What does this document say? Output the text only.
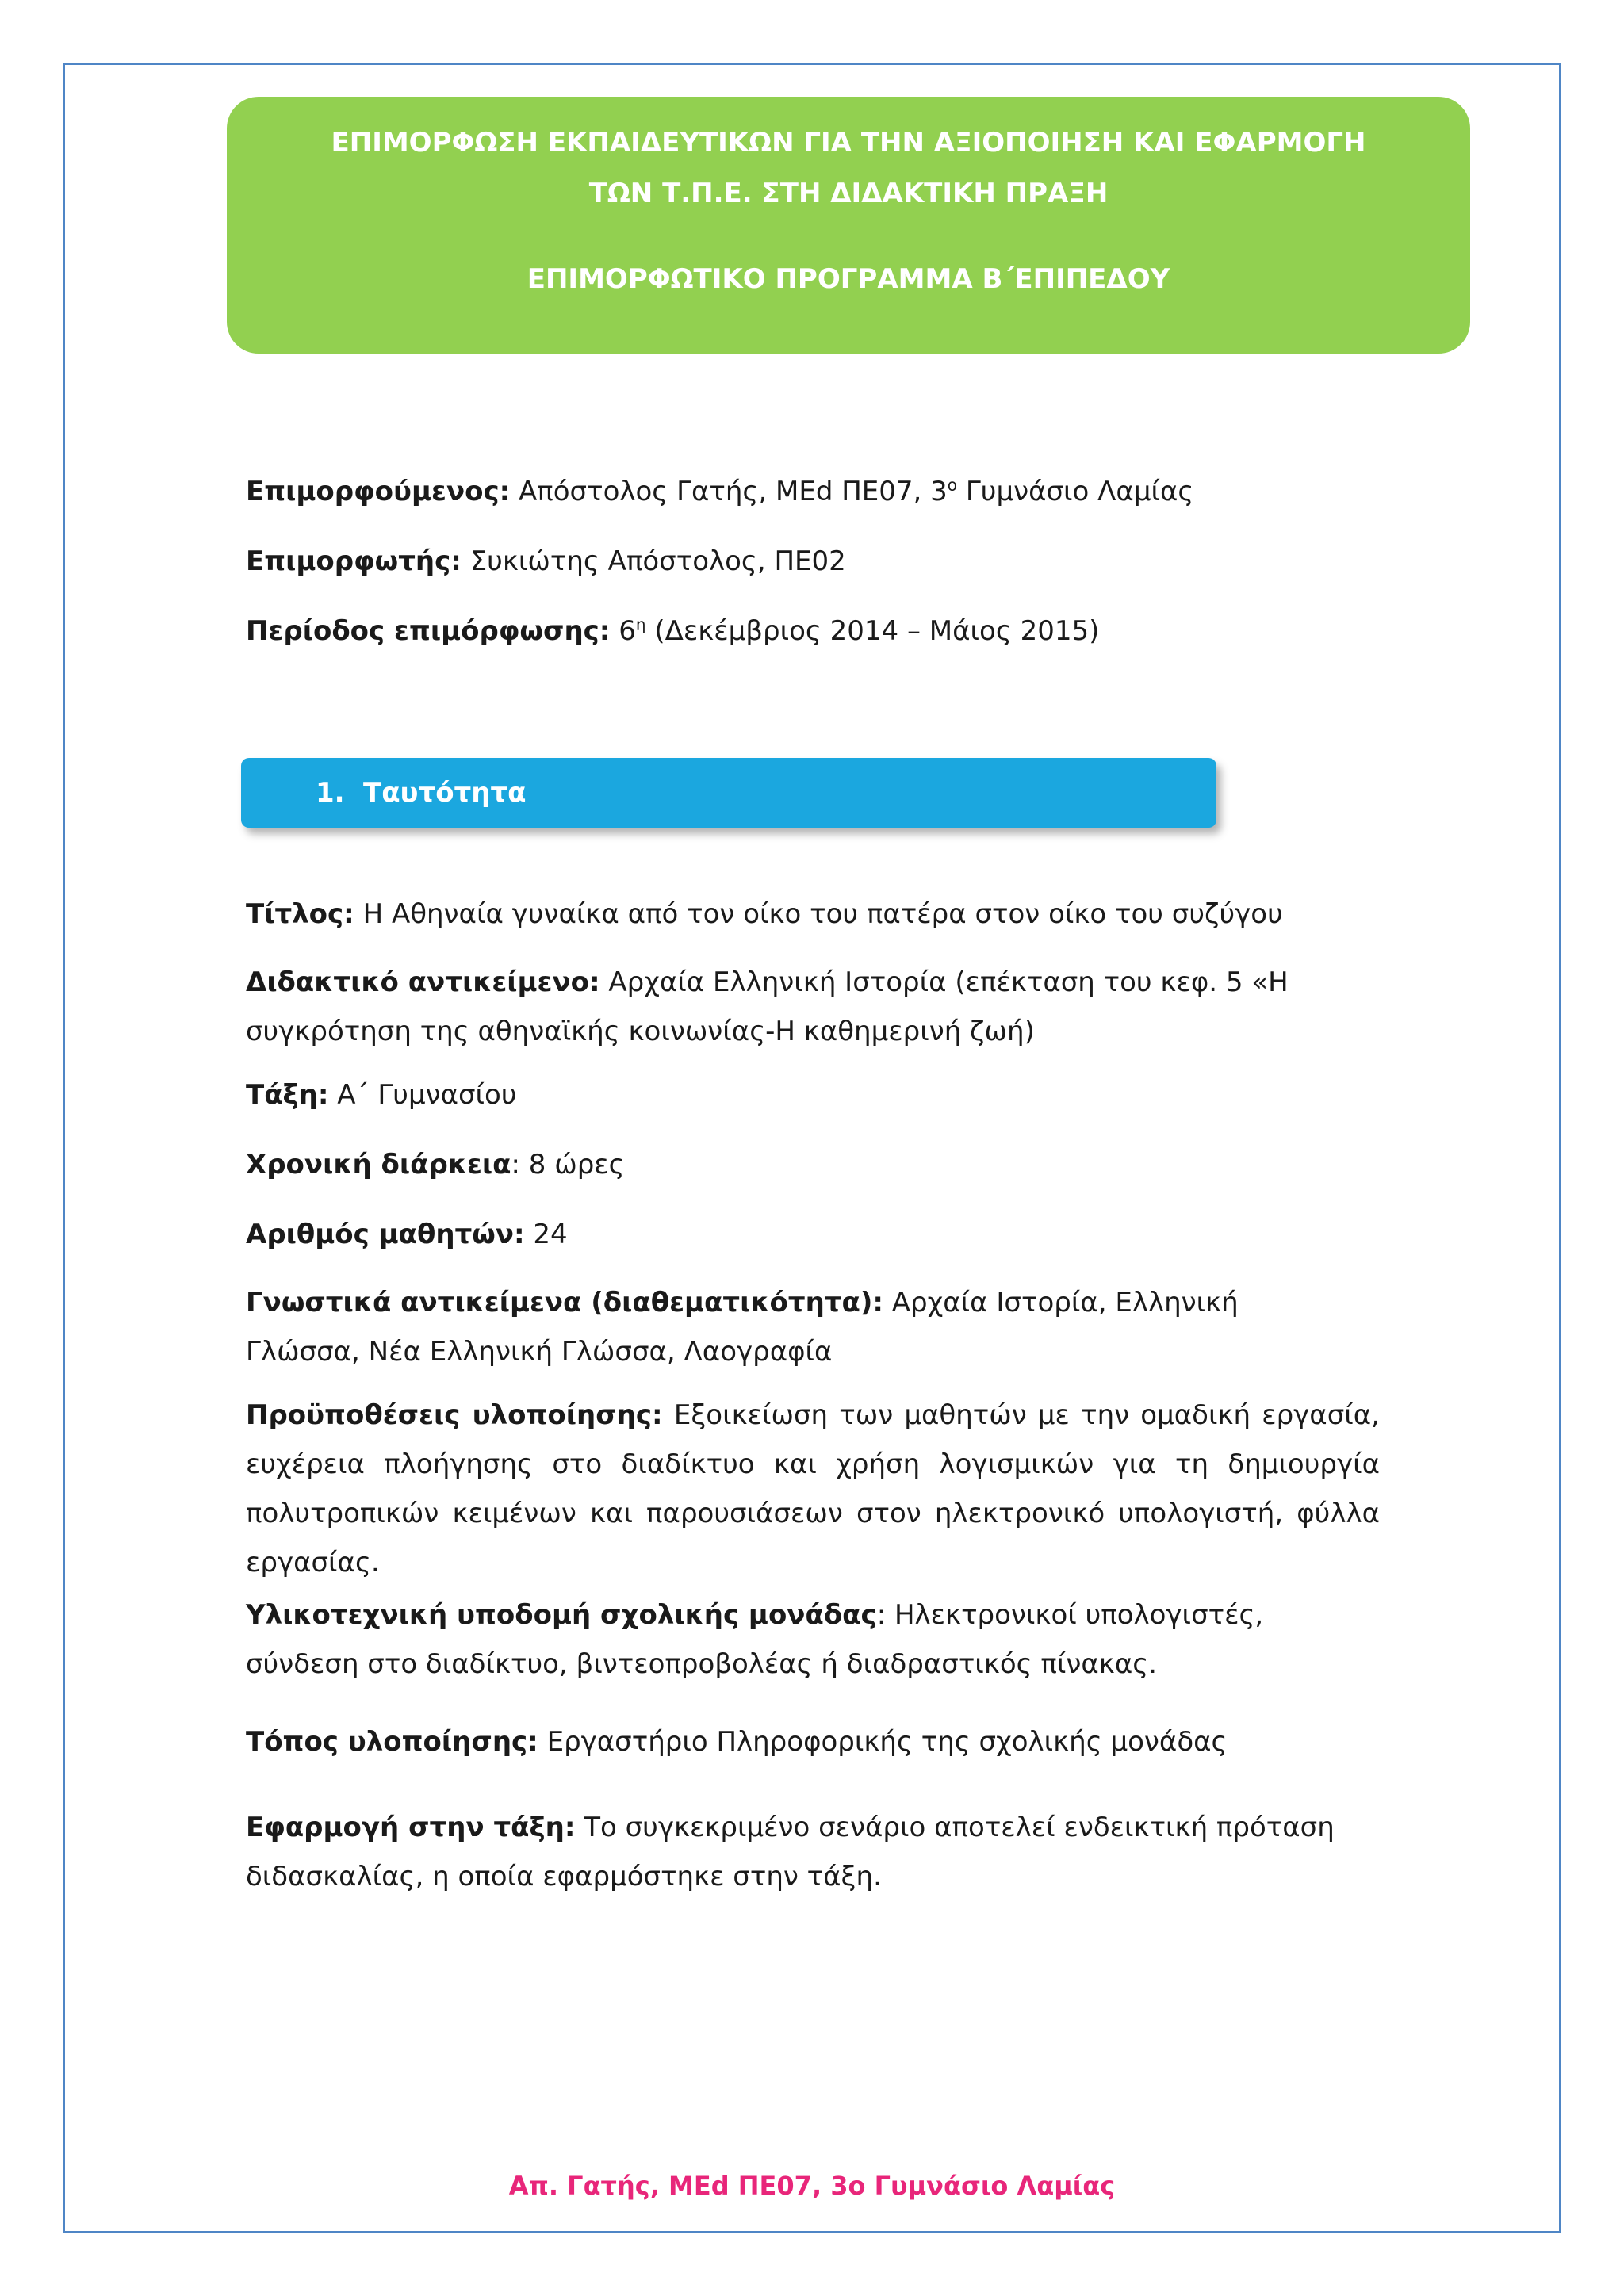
ΕΠΙΜΟΡΦΩΣΗ ΕΚΠΑΙΔΕΥΤΙΚΩΝ ΓΙΑ ΤΗΝ ΑΞΙΟΠΟΙΗΣΗ ΚΑΙ ΕΦΑΡΜΟΓΗ
ΤΩΝ Τ.Π.Ε. ΣΤΗ ΔΙΔΑΚΤΙΚΗ ΠΡΑΞΗ
ΕΠΙΜΟΡΦΩΤΙΚΟ ΠΡΟΓΡΑΜΜΑ Β΄ΕΠΙΠΕΔΟΥ
Επιμορφούμενος: Απόστολος Γατής, MEd ΠΕ07, $3^o$ Γυμνάσιο Λαμίας
Επιμορφωτής: Συκιώτης Απόστολος, ΠΕ02
Περίοδος επιμόρφωσης: $6^\eta$ (Δεκέμβριος 2014 – Μάιος 2015)
1. Ταυτότητα
Τίτλος: Η Αθηναία γυναίκα από τον οίκο του πατέρα στον οίκο του συζύγου
Διδακτικό αντικείμενο: Αρχαία Ελληνική Ιστορία (επέκταση του κεφ. 5 «Η συγκρότηση της αθηναϊκής κοινωνίας-Η καθημερινή ζωή)
Τάξη: Α΄ Γυμνασίου
Χρονική διάρκεια: 8 ώρες
Αριθμός μαθητών: 24
Γνωστικά αντικείμενα (διαθεματικότητα): Αρχαία Ιστορία, Ελληνική Γλώσσα, Νέα Ελληνική Γλώσσα, Λαογραφία
Προϋποθέσεις υλοποίησης: Εξοικείωση των μαθητών με την ομαδική εργασία, ευχέρεια πλοήγησης στο διαδίκτυο και χρήση λογισμικών για τη δημιουργία πολυτροπικών κειμένων και παρουσιάσεων στον ηλεκτρονικό υπολογιστή, φύλλα εργασίας.
Υλικοτεχνική υποδομή σχολικής μονάδας: Ηλεκτρονικοί υπολογιστές, σύνδεση στο διαδίκτυο, βιντεοπροβολέας ή διαδραστικός πίνακας.
Τόπος υλοποίησης: Εργαστήριο Πληροφορικής της σχολικής μονάδας
Εφαρμογή στην τάξη: Το συγκεκριμένο σενάριο αποτελεί ενδεικτική πρόταση διδασκαλίας, η οποία εφαρμόστηκε στην τάξη.
Απ. Γατής, MEd ΠΕ07, 3ο Γυμνάσιο Λαμίας
